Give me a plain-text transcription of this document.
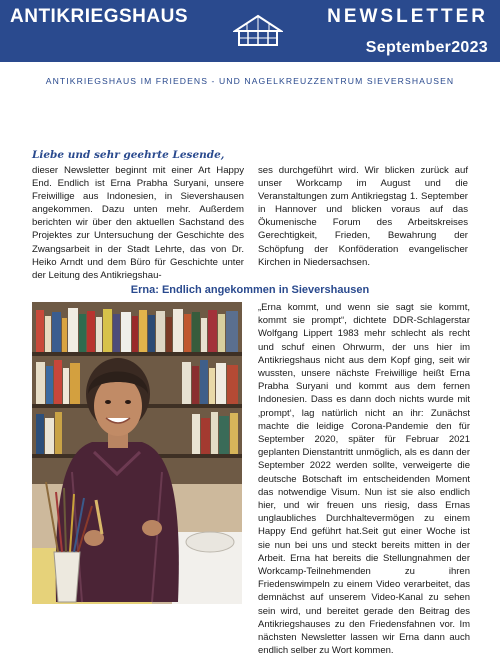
ANTIKRIEGSHAUS	NEWSLETTER
September2023
ANTIKRIEGSHAUS IM FRIEDENS - UND NAGELKREUZZENTRUM SIEVERSHAUSEN
Liebe und sehr geehrte Lesende,
dieser Newsletter beginnt mit einer Art Happy End. Endlich ist Erna Prabha Suryani, unsere Freiwillige aus Indonesien, in Sievershausen angekommen. Dazu unten mehr. Außerdem berichten wir über den aktuellen Sachstand des Projektes zur Untersuchung der Geschichte des Zwangsarbeit in der Stadt Lehrte, das von Dr. Heiko Arndt und dem Büro für Geschichte unter der Leitung des Antikriegshau-
ses durchgeführt wird. Wir blicken zurück auf unser Workcamp im August und die Veranstaltungen zum Antikriegstag 1. September in Hannover und blicken voraus auf das Ökumenische Forum des Arbeitskreises Gerechtigkeit, Frieden, Bewahrung der Schöpfung der Konföderation evangelischer Kirchen in Niedersachsen.
Erna: Endlich angekommen in Sievershausen
„Erna kommt, und wenn sie sagt sie kommt, kommt sie prompt“, dichtete DDR-Schlagerstar Wolfgang Lippert 1983 mehr schlecht als recht und schuf einen Ohrwurm, der uns hier im Antikriegshaus nicht aus dem Kopf ging, seit wir wussten, unsere nächste Freiwillige heißt Erna Prabha Suryani und kommt aus dem fernen Indonesien. Dass es dann doch nichts wurde mit ‚prompt‘, lag natürlich nicht an ihr: Zunächst machte die leidige Corona-Pandemie den für September 2020, später für Februar 2021 geplanten Dienstantritt unmöglich, als es dann der September 2022 werden sollte, verweigerte die deutsche Botschaft im entscheidenden Moment das notwendige Visum. Nun ist sie also endlich hier, und wir freuen uns riesig, dass Ernas unglaubliches Durchhaltevermögen zu einem Happy End geführt hat.Seit gut einer Woche ist sie nun bei uns und steckt bereits mitten in der Arbeit. Erna hat bereits die Stellungnahmen der Workcamp-Teilnehmenden zu ihren Friedenswimpeln zu einem Video verarbeitet, das demnächst auf unserem Video-Kanal zu sehen sein wird, und bereitet gerade den Beitrag des Antikriegshauses zu den Friedensfahnen vor. Im nächsten Newsletter lassen wir Erna dann auch endlich selber zu Wort kommen.
